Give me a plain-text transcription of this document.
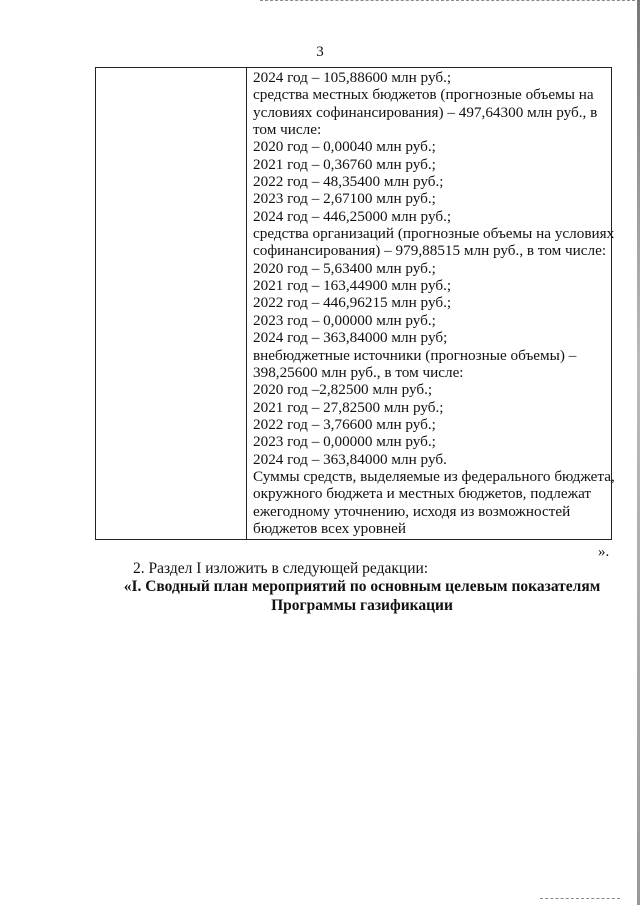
3

2024 год – 105,88600 млн руб.;
средства местных бюджетов (прогнозные объемы на
условиях софинансирования) – 497,64300 млн руб., в
том числе:
2020 год – 0,00040 млн руб.;
2021 год – 0,36760 млн руб.;
2022 год – 48,35400 млн руб.;
2023 год – 2,67100 млн руб.;
2024 год – 446,25000 млн руб.;
средства организаций (прогнозные объемы на условиях
софинансирования) – 979,88515 млн руб., в том числе:
2020 год – 5,63400 млн руб.;
2021 год – 163,44900 млн руб.;
2022 год – 446,96215 млн руб.;
2023 год – 0,00000 млн руб.;
2024 год – 363,84000 млн руб;
внебюджетные источники (прогнозные объемы) –
398,25600 млн руб., в том числе:
2020 год –2,82500 млн руб.;
2021 год – 27,82500 млн руб.;
2022 год – 3,76600 млн руб.;
2023 год – 0,00000 млн руб.;
2024 год – 363,84000 млн руб.
Суммы средств, выделяемые из федерального бюджета,
окружного бюджета и местных бюджетов, подлежат
ежегодному уточнению, исходя из возможностей
бюджетов всех уровней
».
2. Раздел I изложить в следующей редакции:
«I. Сводный план мероприятий по основным целевым показателям
Программы газификации
